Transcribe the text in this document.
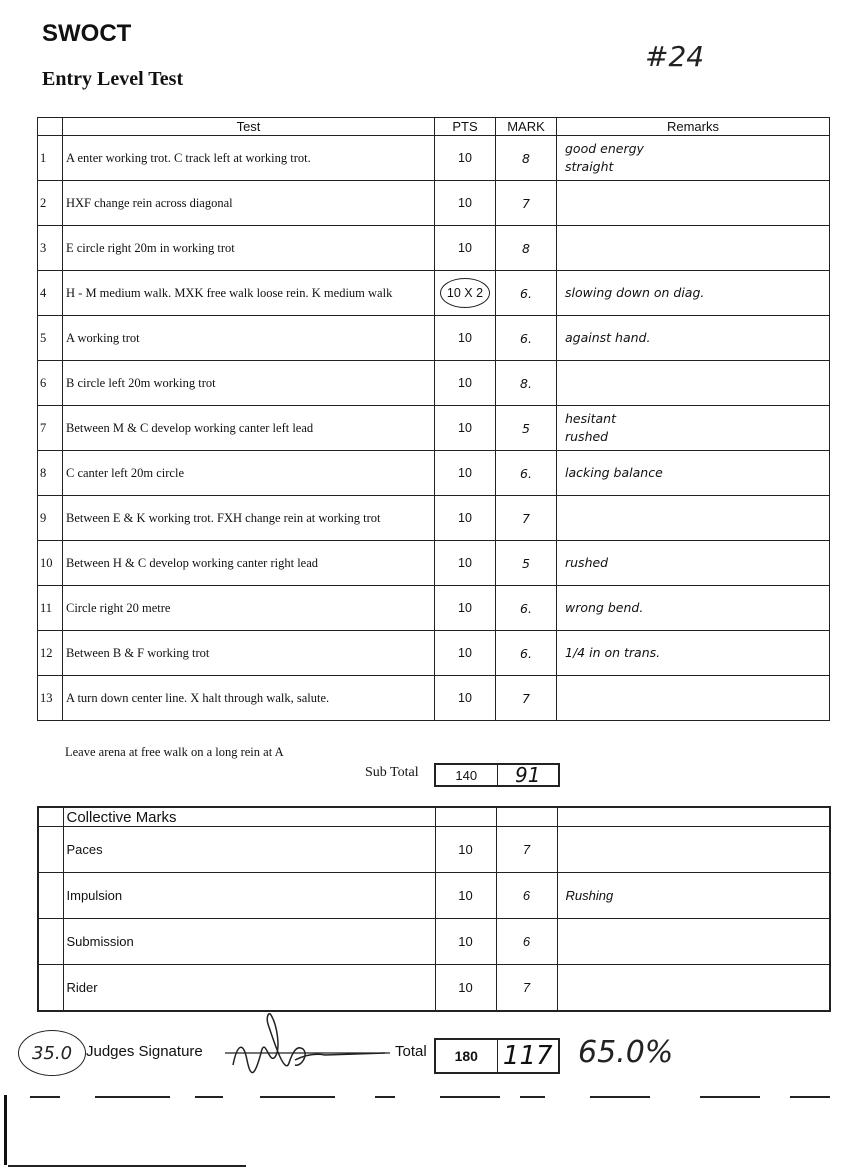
SWOCT
Entry Level Test
#24
	Test	PTS	MARK	Remarks
1	A enter working trot. C track left at working trot.	10	8	good energy
straight
2	HXF change rein across diagonal	10	7	
3	E circle right 20m in working trot	10	8	
4	H - M medium walk. MXK free walk loose rein. K medium walk	10 X 2	6.	slowing down on diag.
5	A working trot	10	6.	against hand.
6	B circle left 20m working trot	10	8.	
7	Between M & C develop working canter left lead	10	5	hesitant
rushed
8	C canter left 20m circle	10	6.	lacking balance
9	Between E & K working trot. FXH change rein at working trot	10	7	
10	Between H & C develop working canter right lead	10	5	rushed
11	Circle right 20 metre	10	6.	wrong bend.
12	Between B & F working trot	10	6.	1/4 in on trans.
13	A turn down center line. X halt through walk, salute.	10	7	
Leave arena at free walk on a long rein at A
Sub Total	140	91
	Collective Marks			
	Paces	10	7	
	Impulsion	10	6	Rushing
	Submission	10	6	
	Rider	10	7	
35.0 Judges Signature	Total	180 117 65.0%
